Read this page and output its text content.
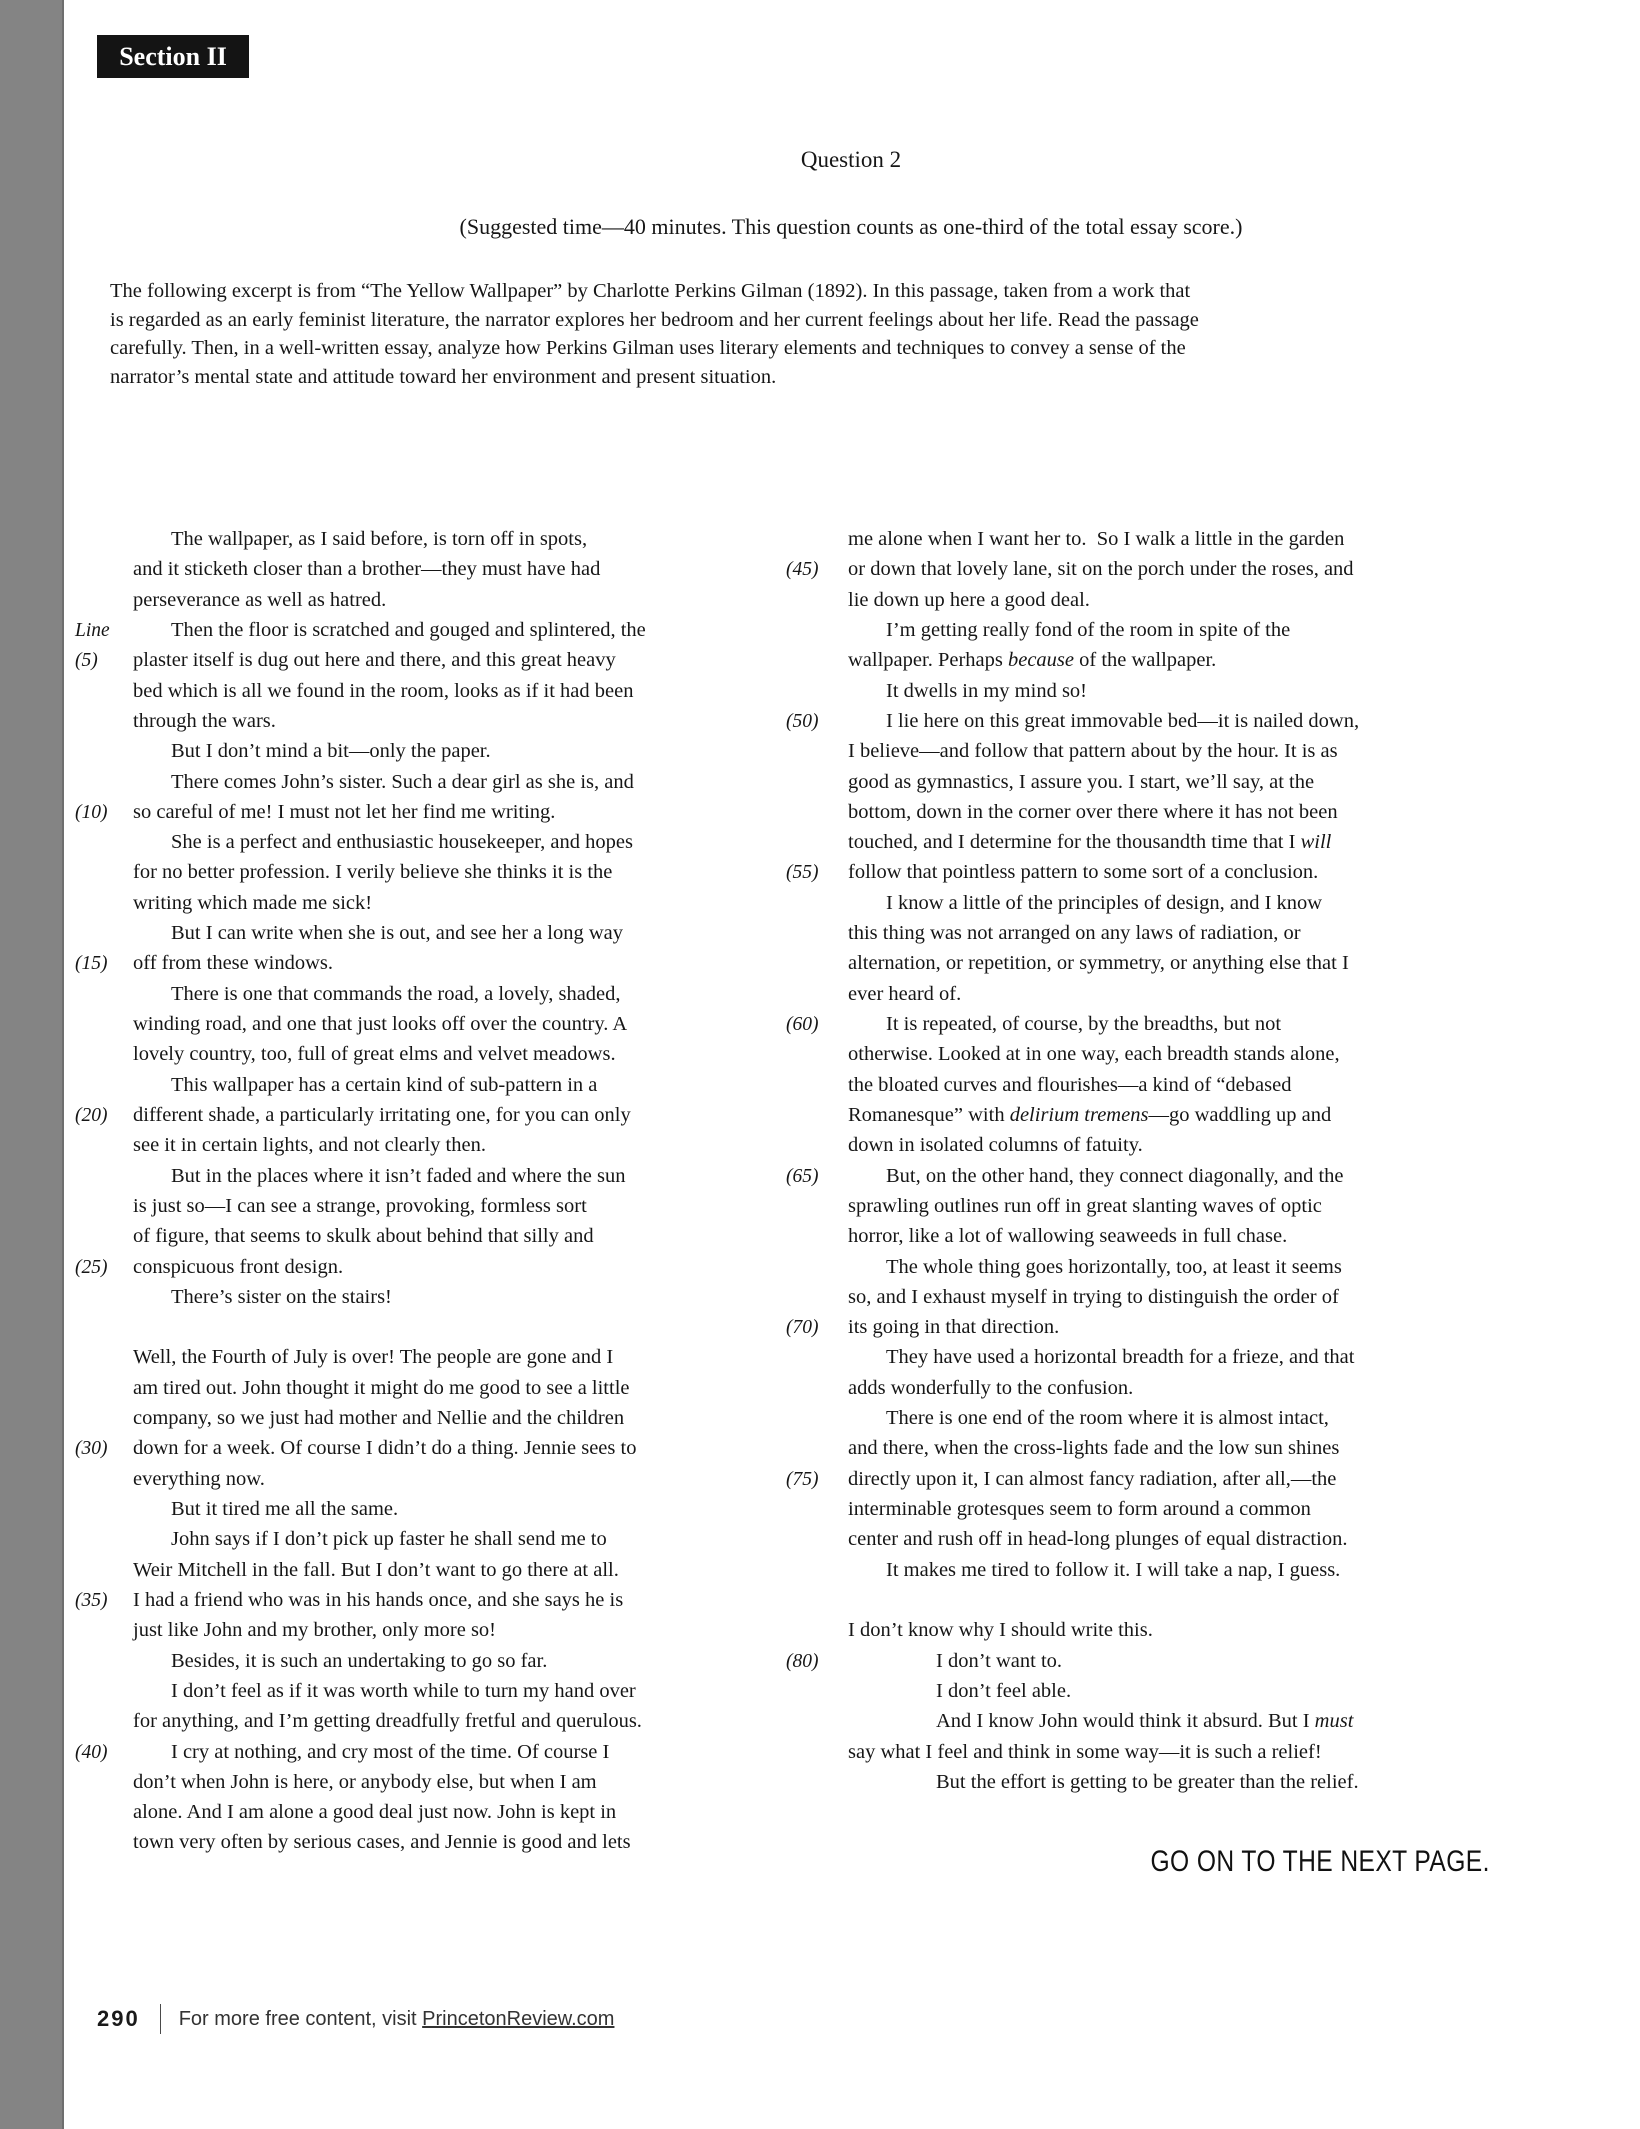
Section II
Question 2
(Suggested time—40 minutes. This question counts as one-third of the total essay score.)
The following excerpt is from “The Yellow Wallpaper” by Charlotte Perkins Gilman (1892). In this passage, taken from a work that
is regarded as an early feminist literature, the narrator explores her bedroom and her current feelings about her life. Read the passage
carefully. Then, in a well-written essay, analyze how Perkins Gilman uses literary elements and techniques to convey a sense of the
narrator’s mental state and attitude toward her environment and present situation.
The wallpaper, as I said before, is torn off in spots,
and it sticketh closer than a brother—they must have had
perseverance as well as hatred.
Line	Then the floor is scratched and gouged and splintered, the
(5)	plaster itself is dug out here and there, and this great heavy
bed which is all we found in the room, looks as if it had been
through the wars.
But I don’t mind a bit—only the paper.
There comes John’s sister. Such a dear girl as she is, and
(10)	so careful of me! I must not let her find me writing.
She is a perfect and enthusiastic housekeeper, and hopes
for no better profession. I verily believe she thinks it is the
writing which made me sick!
But I can write when she is out, and see her a long way
(15)	off from these windows.
There is one that commands the road, a lovely, shaded,
winding road, and one that just looks off over the country. A
lovely country, too, full of great elms and velvet meadows.
This wallpaper has a certain kind of sub-pattern in a
(20)	different shade, a particularly irritating one, for you can only
see it in certain lights, and not clearly then.
But in the places where it isn’t faded and where the sun
is just so—I can see a strange, provoking, formless sort
of figure, that seems to skulk about behind that silly and
(25)	conspicuous front design.
There’s sister on the stairs!
Well, the Fourth of July is over! The people are gone and I
am tired out. John thought it might do me good to see a little
company, so we just had mother and Nellie and the children
(30)	down for a week. Of course I didn’t do a thing. Jennie sees to
everything now.
But it tired me all the same.
John says if I don’t pick up faster he shall send me to
Weir Mitchell in the fall. But I don’t want to go there at all.
(35)	I had a friend who was in his hands once, and she says he is
just like John and my brother, only more so!
Besides, it is such an undertaking to go so far.
I don’t feel as if it was worth while to turn my hand over
for anything, and I’m getting dreadfully fretful and querulous.
(40)	I cry at nothing, and cry most of the time. Of course I
don’t when John is here, or anybody else, but when I am
alone. And I am alone a good deal just now. John is kept in
town very often by serious cases, and Jennie is good and lets
me alone when I want her to.  So I walk a little in the garden
(45)	or down that lovely lane, sit on the porch under the roses, and
lie down up here a good deal.
I’m getting really fond of the room in spite of the
wallpaper. Perhaps because of the wallpaper.
It dwells in my mind so!
(50)	I lie here on this great immovable bed—it is nailed down,
I believe—and follow that pattern about by the hour. It is as
good as gymnastics, I assure you. I start, we’ll say, at the
bottom, down in the corner over there where it has not been
touched, and I determine for the thousandth time that I will
(55)	follow that pointless pattern to some sort of a conclusion.
I know a little of the principles of design, and I know
this thing was not arranged on any laws of radiation, or
alternation, or repetition, or symmetry, or anything else that I
ever heard of.
(60)	It is repeated, of course, by the breadths, but not
otherwise. Looked at in one way, each breadth stands alone,
the bloated curves and flourishes—a kind of “debased
Romanesque” with delirium tremens—go waddling up and
down in isolated columns of fatuity.
(65)	But, on the other hand, they connect diagonally, and the
sprawling outlines run off in great slanting waves of optic
horror, like a lot of wallowing seaweeds in full chase.
The whole thing goes horizontally, too, at least it seems
so, and I exhaust myself in trying to distinguish the order of
(70)	its going in that direction.
They have used a horizontal breadth for a frieze, and that
adds wonderfully to the confusion.
There is one end of the room where it is almost intact,
and there, when the cross-lights fade and the low sun shines
(75)	directly upon it, I can almost fancy radiation, after all,—the
interminable grotesques seem to form around a common
center and rush off in head-long plunges of equal distraction.
It makes me tired to follow it. I will take a nap, I guess.
I don’t know why I should write this.
(80)	I don’t want to.
I don’t feel able.
And I know John would think it absurd. But I must
say what I feel and think in some way—it is such a relief!
But the effort is getting to be greater than the relief.
GO ON TO THE NEXT PAGE.
290 For more free content, visit PrincetonReview.com
